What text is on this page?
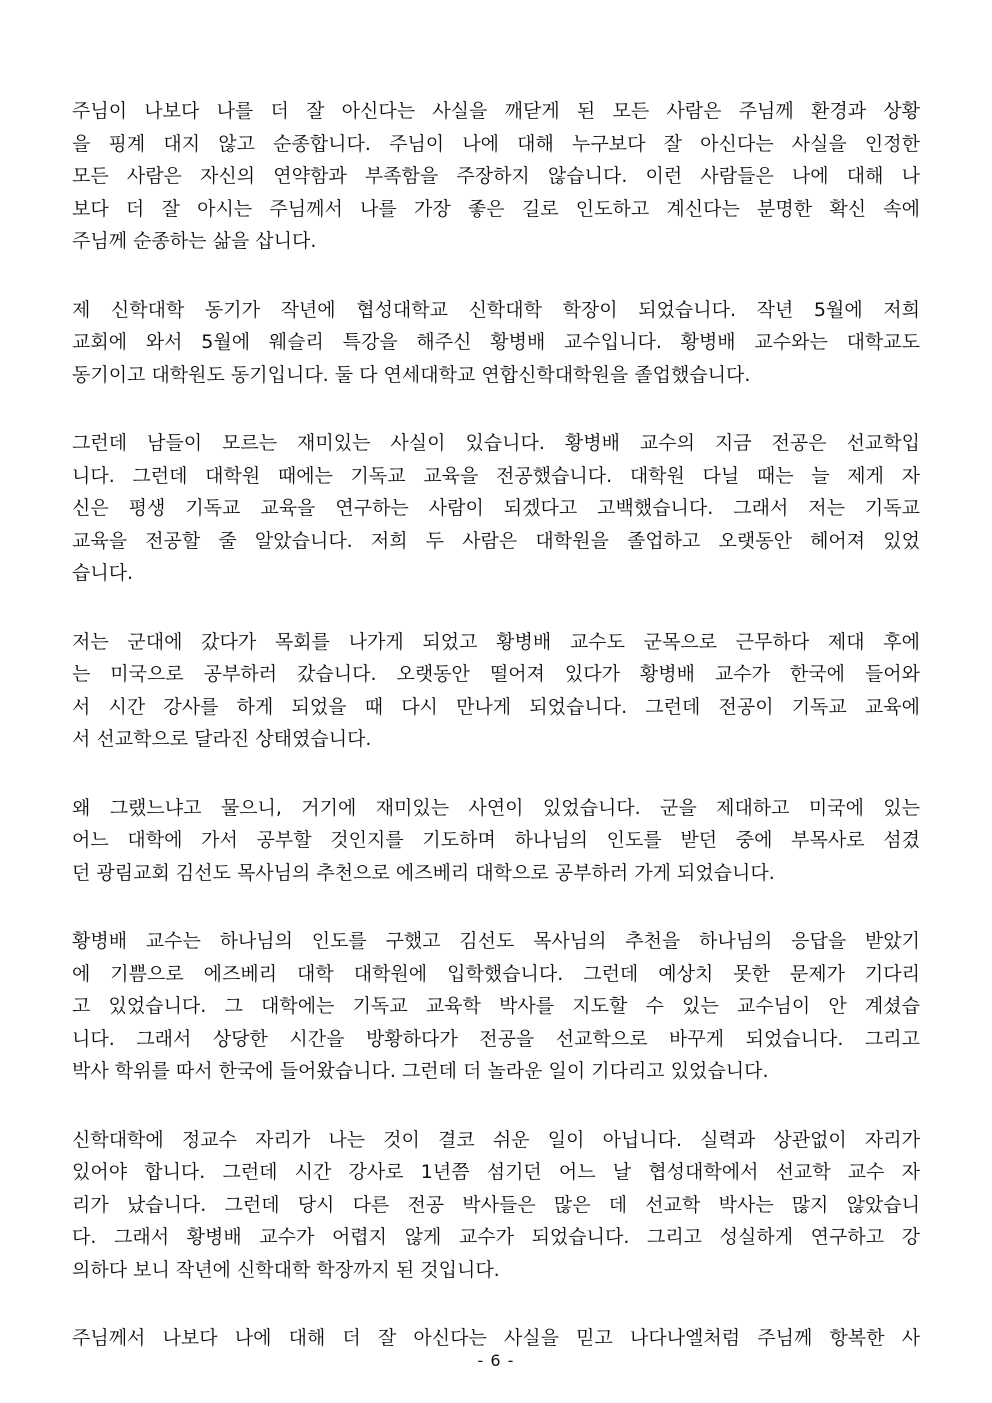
주님이 나보다 나를 더 잘 아신다는 사실을 깨닫게 된 모든 사람은 주님께 환경과 상황
을 핑계 대지 않고 순종합니다. 주님이 나에 대해 누구보다 잘 아신다는 사실을 인정한
모든 사람은 자신의 연약함과 부족함을 주장하지 않습니다. 이런 사람들은 나에 대해 나
보다 더 잘 아시는 주님께서 나를 가장 좋은 길로 인도하고 계신다는 분명한 확신 속에
주님께 순종하는 삶을 삽니다.

제 신학대학 동기가 작년에 협성대학교 신학대학 학장이 되었습니다. 작년 5월에 저희
교회에 와서 5월에 웨슬리 특강을 해주신 황병배 교수입니다. 황병배 교수와는 대학교도
동기이고 대학원도 동기입니다. 둘 다 연세대학교 연합신학대학원을 졸업했습니다.

그런데 남들이 모르는 재미있는 사실이 있습니다. 황병배 교수의 지금 전공은 선교학입
니다. 그런데 대학원 때에는 기독교 교육을 전공했습니다. 대학원 다닐 때는 늘 제게 자
신은 평생 기독교 교육을 연구하는 사람이 되겠다고 고백했습니다. 그래서 저는 기독교
교육을 전공할 줄 알았습니다. 저희 두 사람은 대학원을 졸업하고 오랫동안 헤어져 있었
습니다.

저는 군대에 갔다가 목회를 나가게 되었고 황병배 교수도 군목으로 근무하다 제대 후에
는 미국으로 공부하러 갔습니다. 오랫동안 떨어져 있다가 황병배 교수가 한국에 들어와
서 시간 강사를 하게 되었을 때 다시 만나게 되었습니다. 그런데 전공이 기독교 교육에
서 선교학으로 달라진 상태였습니다.

왜 그랬느냐고 물으니, 거기에 재미있는 사연이 있었습니다. 군을 제대하고 미국에 있는
어느 대학에 가서 공부할 것인지를 기도하며 하나님의 인도를 받던 중에 부목사로 섬겼
던 광림교회 김선도 목사님의 추천으로 에즈베리 대학으로 공부하러 가게 되었습니다.

황병배 교수는 하나님의 인도를 구했고 김선도 목사님의 추천을 하나님의 응답을 받았기
에 기쁨으로 에즈베리 대학 대학원에 입학했습니다. 그런데 예상치 못한 문제가 기다리
고 있었습니다. 그 대학에는 기독교 교육학 박사를 지도할 수 있는 교수님이 안 계셨습
니다. 그래서 상당한 시간을 방황하다가 전공을 선교학으로 바꾸게 되었습니다. 그리고
박사 학위를 따서 한국에 들어왔습니다. 그런데 더 놀라운 일이 기다리고 있었습니다.

신학대학에 정교수 자리가 나는 것이 결코 쉬운 일이 아닙니다. 실력과 상관없이 자리가
있어야 합니다. 그런데 시간 강사로 1년쯤 섬기던 어느 날 협성대학에서 선교학 교수 자
리가 났습니다. 그런데 당시 다른 전공 박사들은 많은 데 선교학 박사는 많지 않았습니
다. 그래서 황병배 교수가 어렵지 않게 교수가 되었습니다. 그리고 성실하게 연구하고 강
의하다 보니 작년에 신학대학 학장까지 된 것입니다.

주님께서 나보다 나에 대해 더 잘 아신다는 사실을 믿고 나다나엘처럼 주님께 항복한 사

- 6 -
